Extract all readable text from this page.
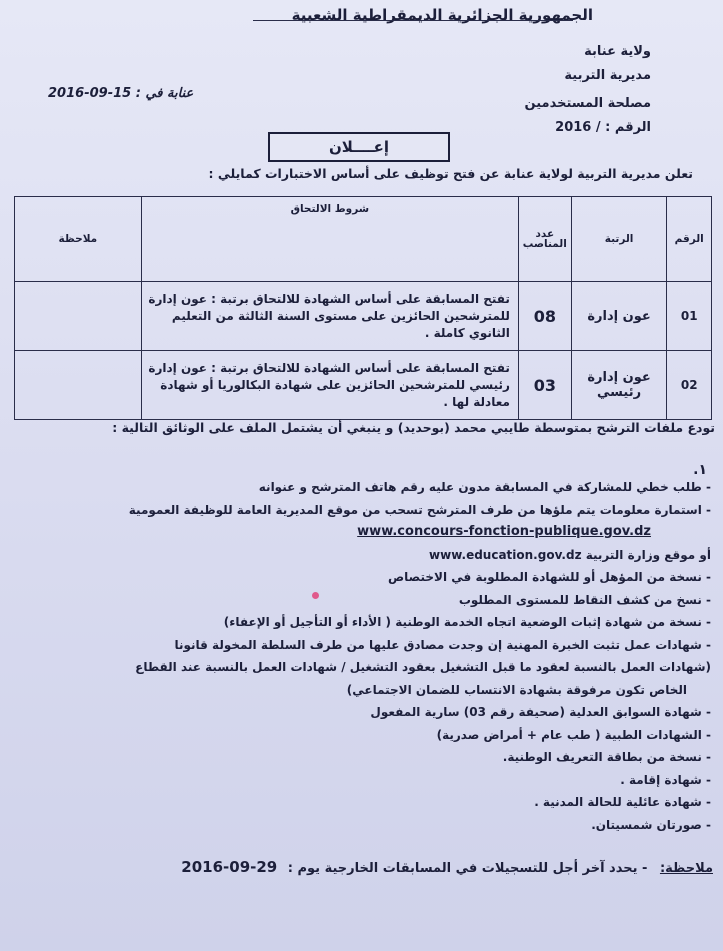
الجمهورية الجزائرية الديمقراطية الشعبية
ولاية عنابة
مديرية التربية
مصلحة المستخدمين
الرقم : / 2016
عنابة في : 15-09-2016
إعــــلان
تعلن مديرية التربية لولاية عنابة عن فتح توظيف على أساس الاختبارات كمايلي :
الرقم	الرتبة	عدد المناصب	شروط الالتحاق	ملاحظة
01	عون إدارة	08	تفتح المسابقة على أساس الشهادة للالتحاق برتبة : عون إدارة للمترشحين الحائزين على مستوى السنة الثالثة من التعليم الثانوي كاملة .	
02	عون إدارة رئيسي	03	تفتح المسابقة على أساس الشهادة للالتحاق برتبة : عون إدارة رئيسي للمترشحين الحائزين على شهادة البكالوريا أو شهادة معادلة لها .	
تودع ملفات الترشح بمتوسطة طايبي محمد (بوحديد) و ينبغي أن يشتمل الملف على الوثائق التالية :
١.
- طلب خطي للمشاركة في المسابقة مدون عليه رقم هاتف المترشح و عنوانه
- استمارة معلومات يتم ملؤها من طرف المترشح تسحب من موقع المديرية العامة للوظيفة العمومية
www.concours-fonction-publique.gov.dz
أو موقع وزارة التربية www.education.gov.dz
- نسخة من المؤهل أو للشهادة المطلوبة في الاختصاص
- نسخ من كشف النقاط للمستوى المطلوب
- نسخة من شهادة إثبات الوضعية اتجاه الخدمة الوطنية ( الأداء أو التأجيل أو الإعفاء)
- شهادات عمل تثبت الخبرة المهنية إن وجدت مصادق عليها من طرف السلطة المخولة قانونا
(شهادات العمل بالنسبة لعقود ما قبل التشغيل بعقود التشغيل / شهادات العمل بالنسبة عند القطاع
الخاص تكون مرفوقة بشهادة الانتساب للضمان الاجتماعي)
- شهادة السوابق العدلية (صحيفة رقم 03) سارية المفعول
- الشهادات الطبية ( طب عام + أمراض صدرية)
- نسخة من بطاقة التعريف الوطنية.
- شهادة إقامة .
- شهادة عائلية للحالة المدنية .
- صورتان شمسيتان.
ملاحظة: - يحدد آخر أجل للتسجيلات في المسابقات الخارجية يوم : 2016-09-29
